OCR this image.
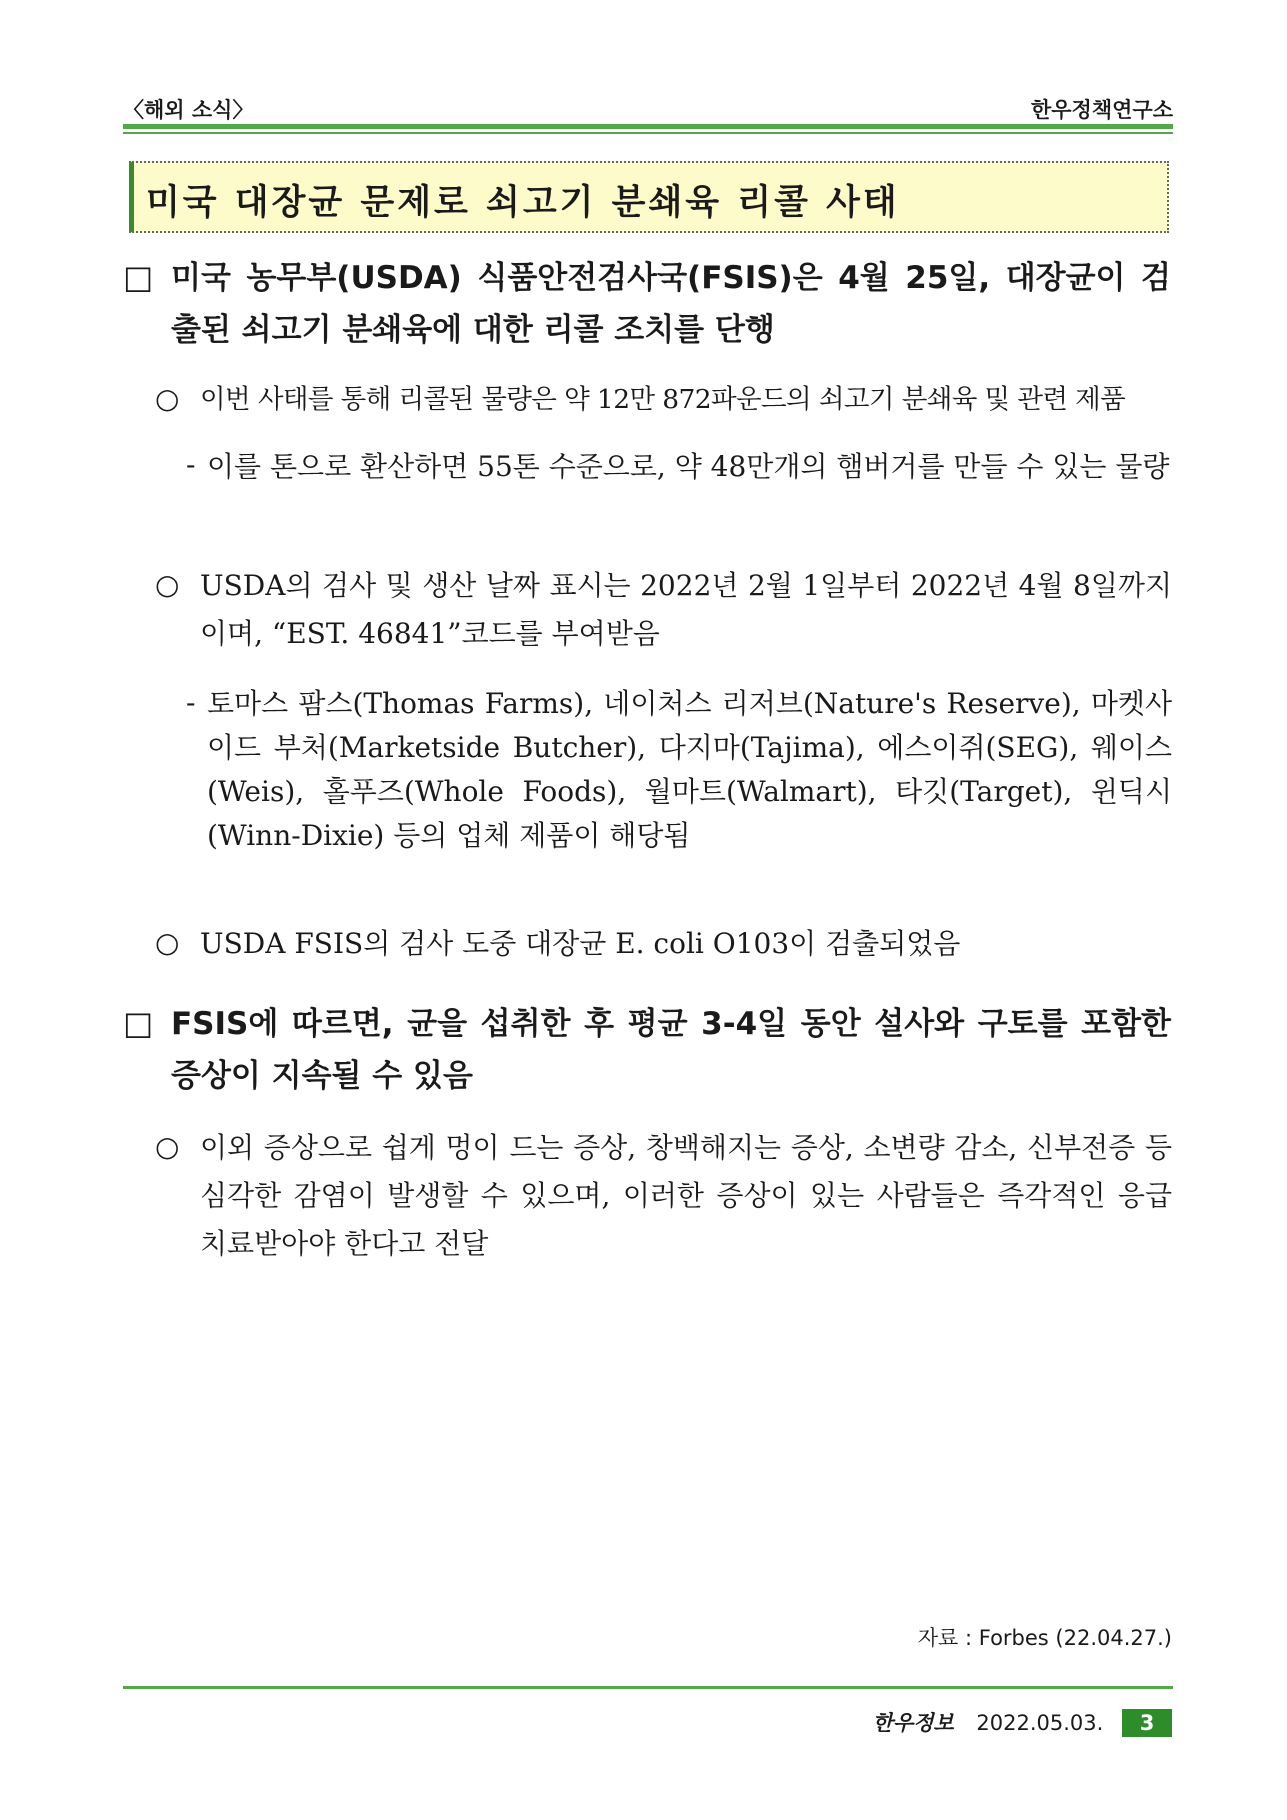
〈해외 소식〉	한우정책연구소
미국 대장균 문제로 쇠고기 분쇄육 리콜 사태
□ 미국 농무부(USDA) 식품안전검사국(FSIS)은 4월 25일, 대장균이 검출된 쇠고기 분쇄육에 대한 리콜 조치를 단행
○ 이번 사태를 통해 리콜된 물량은 약 12만 872파운드의 쇠고기 분쇄육 및 관련 제품
- 이를 톤으로 환산하면 55톤 수준으로, 약 48만개의 햄버거를 만들 수 있는 물량
○ USDA의 검사 및 생산 날짜 표시는 2022년 2월 1일부터 2022년 4월 8일까지이며, “EST. 46841”코드를 부여받음
- 토마스 팜스(Thomas Farms), 네이처스 리저브(Nature's Reserve), 마켓사이드 부처(Marketside Butcher), 다지마(Tajima), 에스이쥐(SEG), 웨이스(Weis), 홀푸즈(Whole Foods), 월마트(Walmart), 타깃(Target), 윈딕시(Winn-Dixie) 등의 업체 제품이 해당됨
○ USDA FSIS의 검사 도중 대장균 E. coli O103이 검출되었음
□ FSIS에 따르면, 균을 섭취한 후 평균 3-4일 동안 설사와 구토를 포함한 증상이 지속될 수 있음
○ 이외 증상으로 쉽게 멍이 드는 증상, 창백해지는 증상, 소변량 감소, 신부전증 등 심각한 감염이 발생할 수 있으며, 이러한 증상이 있는 사람들은 즉각적인 응급 치료받아야 한다고 전달
자료 : Forbes (22.04.27.)
한우정보 2022.05.03. 3
